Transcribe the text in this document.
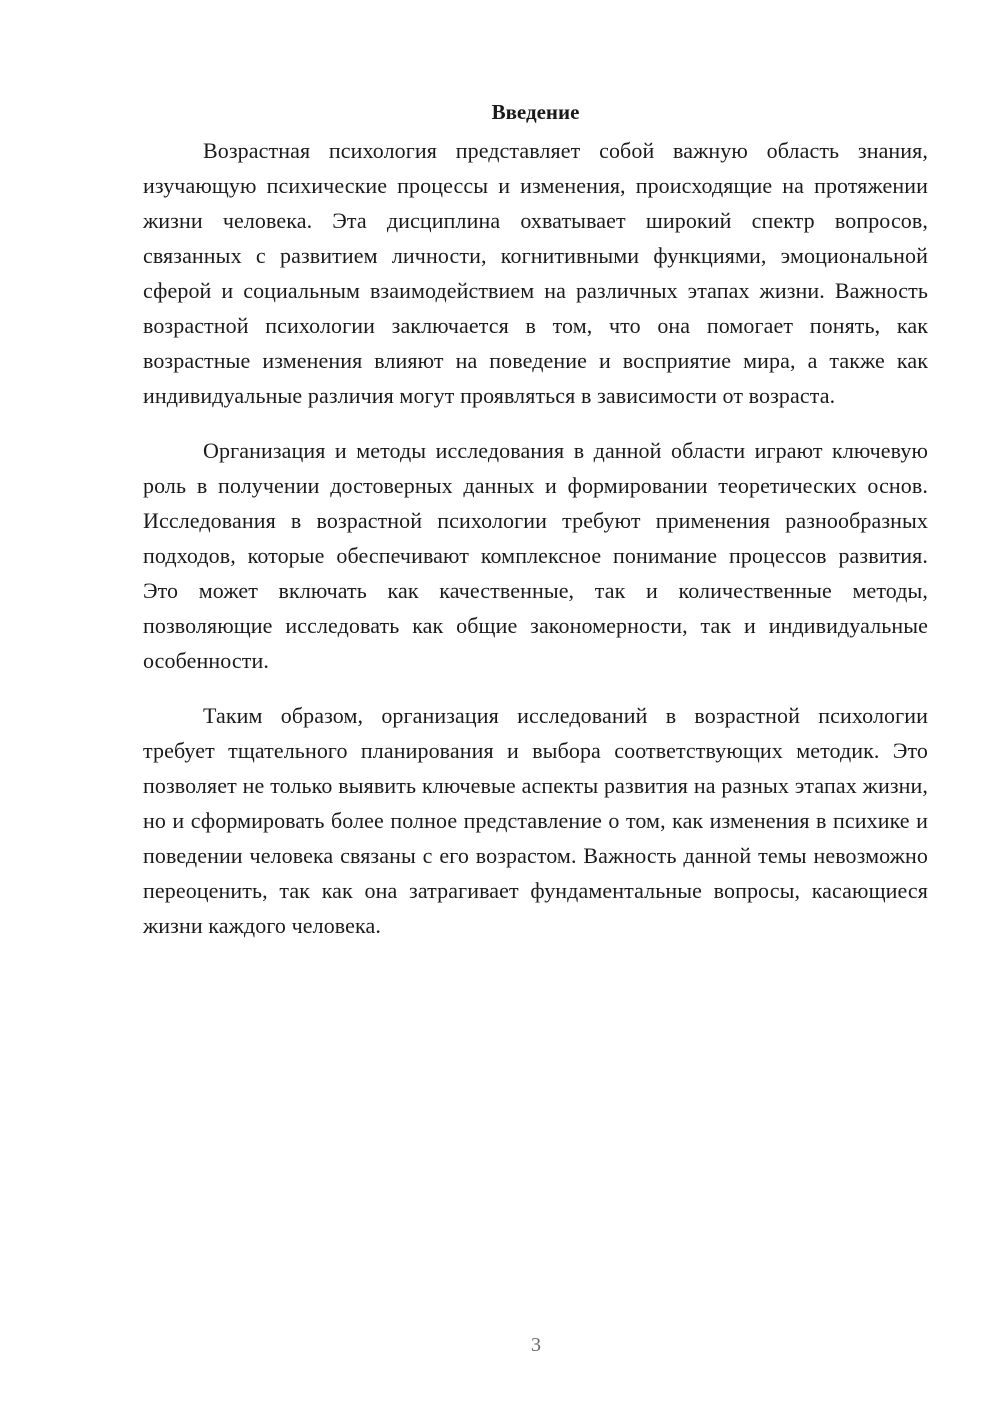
Введение

Возрастная психология представляет собой важную область знания, изучающую психические процессы и изменения, происходящие на протяжении жизни человека. Эта дисциплина охватывает широкий спектр вопросов, связанных с развитием личности, когнитивными функциями, эмоциональной сферой и социальным взаимодействием на различных этапах жизни. Важность возрастной психологии заключается в том, что она помогает понять, как возрастные изменения влияют на поведение и восприятие мира, а также как индивидуальные различия могут проявляться в зависимости от возраста.

Организация и методы исследования в данной области играют ключевую роль в получении достоверных данных и формировании теоретических основ. Исследования в возрастной психологии требуют применения разнообразных подходов, которые обеспечивают комплексное понимание процессов развития. Это может включать как качественные, так и количественные методы, позволяющие исследовать как общие закономерности, так и индивидуальные особенности.

Таким образом, организация исследований в возрастной психологии требует тщательного планирования и выбора соответствующих методик. Это позволяет не только выявить ключевые аспекты развития на разных этапах жизни, но и сформировать более полное представление о том, как изменения в психике и поведении человека связаны с его возрастом. Важность данной темы невозможно переоценить, так как она затрагивает фундаментальные вопросы, касающиеся жизни каждого человека.

3
